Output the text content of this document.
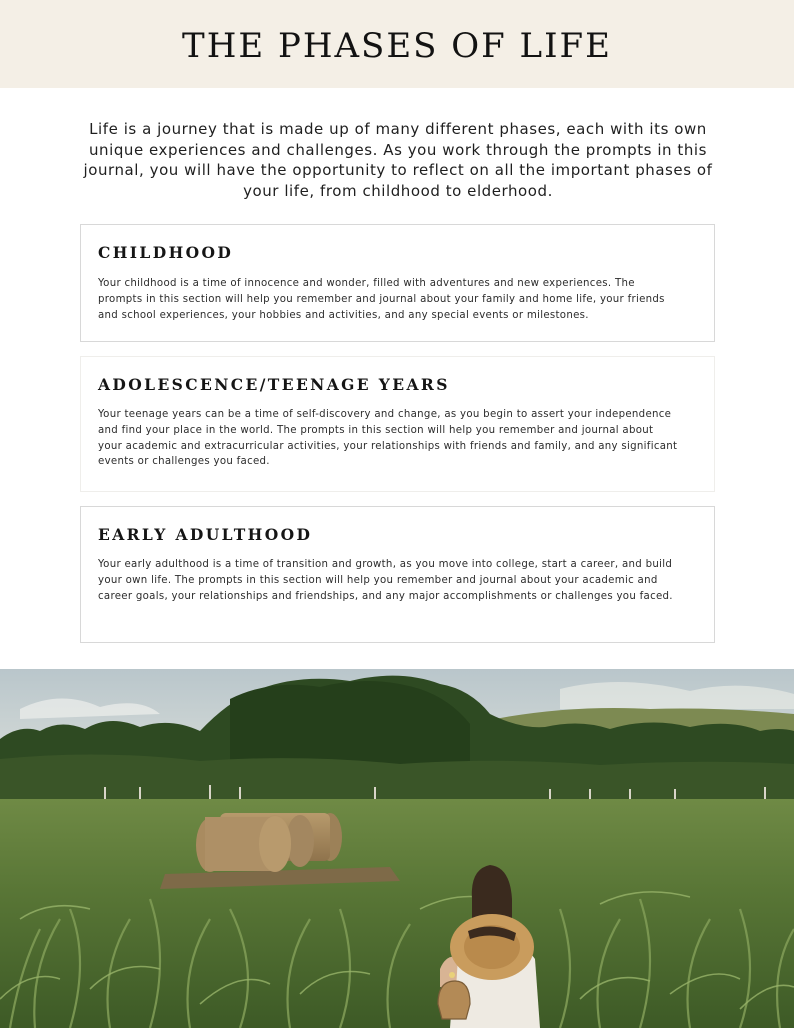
THE PHASES OF LIFE

Life is a journey that is made up of many different phases, each with its own unique experiences and challenges. As you work through the prompts in this journal, you will have the opportunity to reflect on all the important phases of your life, from childhood to elderhood.

CHILDHOOD

Your childhood is a time of innocence and wonder, filled with adventures and new experiences. The prompts in this section will help you remember and journal about your family and home life, your friends and school experiences, your hobbies and activities, and any special events or milestones.

ADOLESCENCE/TEENAGE YEARS

Your teenage years can be a time of self-discovery and change, as you begin to assert your independence and find your place in the world. The prompts in this section will help you remember and journal about your academic and extracurricular activities, your relationships with friends and family, and any significant events or challenges you faced.

EARLY ADULTHOOD

Your early adulthood is a time of transition and growth, as you move into college, start a career, and build your own life. The prompts in this section will help you remember and journal about your academic and career goals, your relationships and friendships, and any major accomplishments or challenges you faced.
